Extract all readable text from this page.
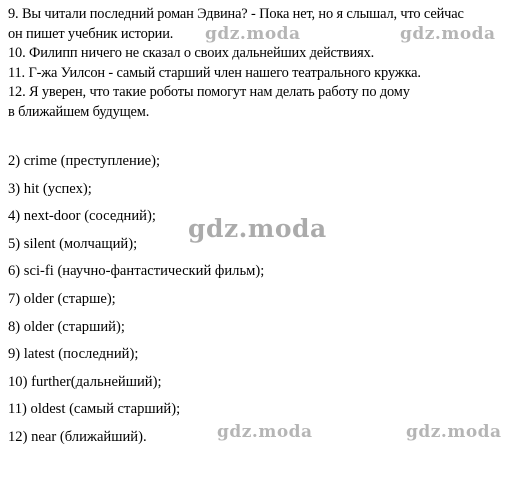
9. Вы читали последний роман Эдвина? - Пока нет, но я слышал, что сейчас
он пишет учебник истории.
10. Филипп ничего не сказал о своих дальнейших действиях.
11. Г-жа Уилсон - самый старший член нашего театрального кружка.
12. Я уверен, что такие роботы помогут нам делать работу по дому
в ближайшем будущем.
2) crime (преступление);
3) hit (успех);
4) next-door (соседний);
5) silent (молчащий);
6) sci-fi (научно-фантастический фильм);
7) older (старше);
8) older (старший);
9) latest (последний);
10) further(дальнейший);
11) oldest (самый старший);
12) near (ближайший).
gdz.moda	gdz.moda
gdz.moda
gdz.moda	gdz.moda
